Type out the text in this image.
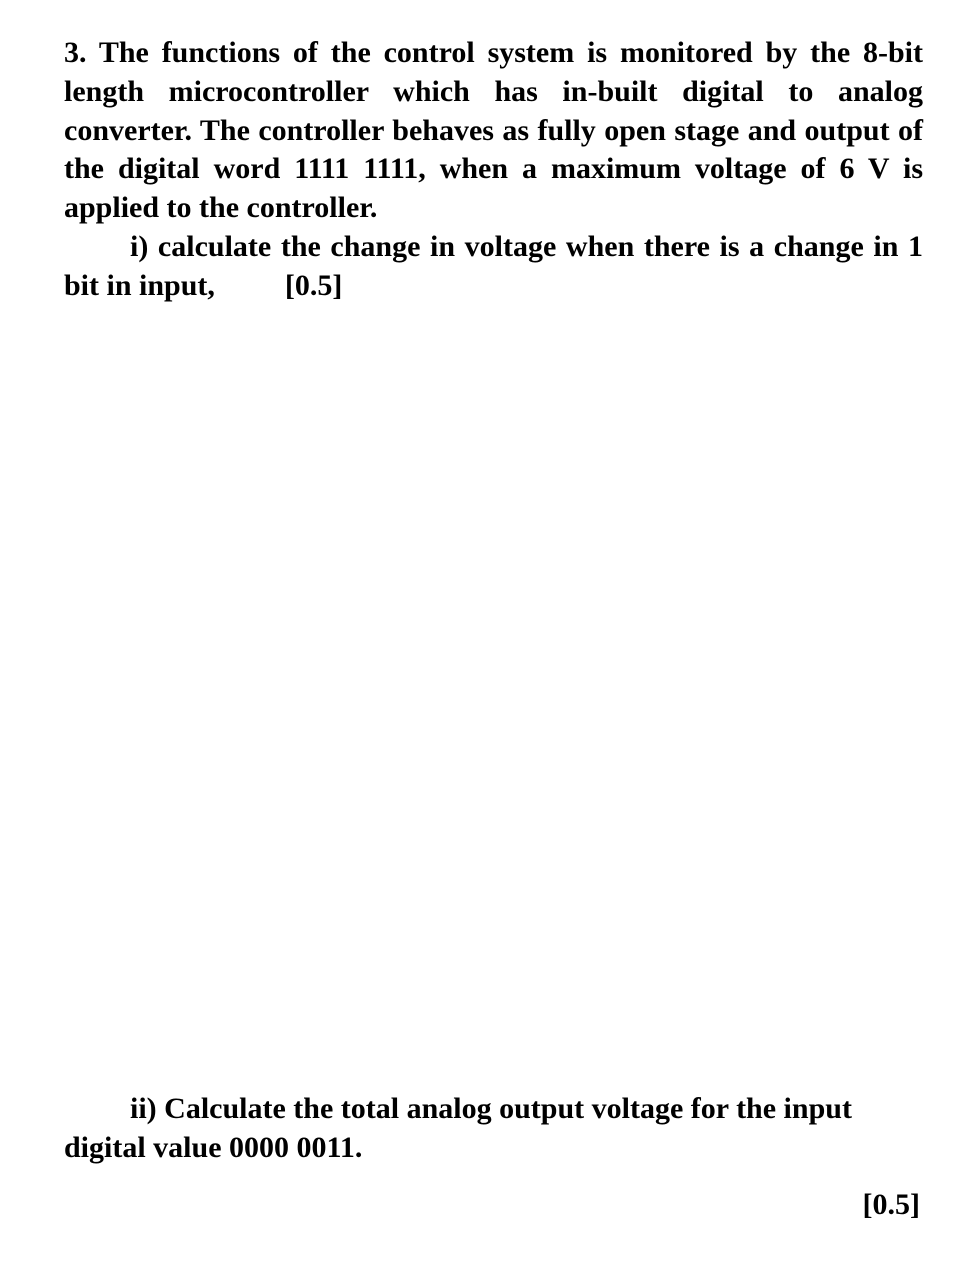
3. The functions of the control system is monitored by the 8-bit length microcontroller which has in-built digital to analog converter. The controller behaves as fully open stage and output of the digital word 1111 1111, when a maximum voltage of 6 V is applied to the controller.

i) calculate the change in voltage when there is a change in 1 bit in input, [0.5]

ii) Calculate the total analog output voltage for the input digital value 0000 0011.

[0.5]
